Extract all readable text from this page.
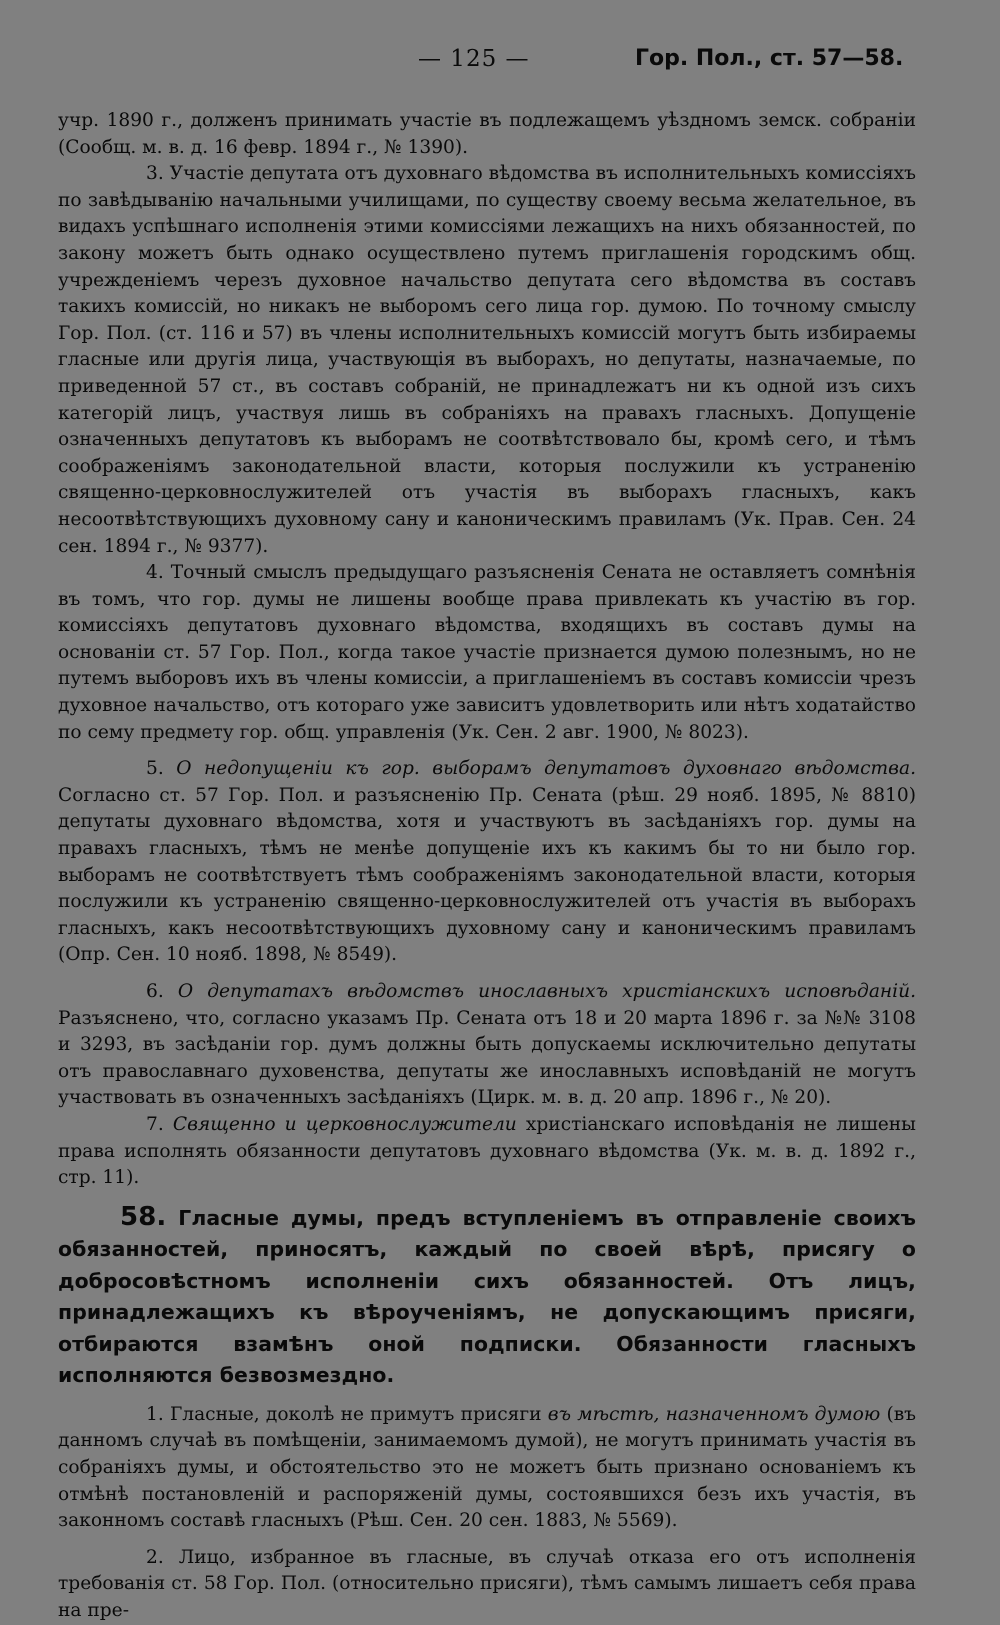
— 125 —	Гор. Пол., ст. 57—58.

учр. 1890 г., долженъ принимать участіе въ подлежащемъ уѣздномъ земск. собраніи (Сообщ. м. в. д. 16 февр. 1894 г., № 1390).

3. Участіе депутата отъ духовнаго вѣдомства въ исполнительныхъ комиссіяхъ по завѣдыванію начальными училищами, по существу своему весьма желательное, въ видахъ успѣшнаго исполненія этими комиссіями лежащихъ на нихъ обязанностей, по закону можетъ быть однако осуществлено путемъ приглашенія городскимъ общ. учрежденіемъ черезъ духовное начальство депутата сего вѣдомства въ составъ такихъ комиссій, но никакъ не выборомъ сего лица гор. думою. По точному смыслу Гор. Пол. (ст. 116 и 57) въ члены исполнительныхъ комиссій могутъ быть избираемы гласные или другія лица, участвующія въ выборахъ, но депутаты, назначаемые, по приведенной 57 ст., въ составъ собраній, не принадлежатъ ни къ одной изъ сихъ категорій лицъ, участвуя лишь въ собраніяхъ на правахъ гласныхъ. Допущеніе означенныхъ депутатовъ къ выборамъ не соотвѣтствовало бы, кромѣ сего, и тѣмъ соображеніямъ законодательной власти, которыя послужили къ устраненію священно-церковнослужителей отъ участія въ выборахъ гласныхъ, какъ несоотвѣтствующихъ духовному сану и каноническимъ правиламъ (Ук. Прав. Сен. 24 сен. 1894 г., № 9377).

4. Точный смыслъ предыдущаго разъясненія Сената не оставляетъ сомнѣнія въ томъ, что гор. думы не лишены вообще права привлекать къ участію въ гор. комиссіяхъ депутатовъ духовнаго вѣдомства, входящихъ въ составъ думы на основаніи ст. 57 Гор. Пол., когда такое участіе признается думою полезнымъ, но не путемъ выборовъ ихъ въ члены комиссіи, а приглашеніемъ въ составъ комиссіи чрезъ духовное начальство, отъ котораго уже зависитъ удовлетворить или нѣтъ ходатайство по сему предмету гор. общ. управленія (Ук. Сен. 2 авг. 1900, № 8023).

5. О недопущеніи къ гор. выборамъ депутатовъ духовнаго вѣдомства. Согласно ст. 57 Гор. Пол. и разъясненію Пр. Сената (рѣш. 29 нояб. 1895, № 8810) депутаты духовнаго вѣдомства, хотя и участвуютъ въ засѣданіяхъ гор. думы на правахъ гласныхъ, тѣмъ не менѣе допущеніе ихъ къ какимъ бы то ни было гор. выборамъ не соотвѣтствуетъ тѣмъ соображеніямъ законодательной власти, которыя послужили къ устраненію священно-церковнослужителей отъ участія въ выборахъ гласныхъ, какъ несоотвѣтствующихъ духовному сану и каноническимъ правиламъ (Опр. Сен. 10 нояб. 1898, № 8549).

6. О депутатахъ вѣдомствъ инославныхъ христіанскихъ исповѣданій. Разъяснено, что, согласно указамъ Пр. Сената отъ 18 и 20 марта 1896 г. за №№ 3108 и 3293, въ засѣданіи гор. думъ должны быть допускаемы исключительно депутаты отъ православнаго духовенства, депутаты же инославныхъ исповѣданій не могутъ участвовать въ означенныхъ засѣданіяхъ (Цирк. м. в. д. 20 апр. 1896 г., № 20).

7. Священно и церковнослужители христіанскаго исповѣданія не лишены права исполнять обязанности депутатовъ духовнаго вѣдомства (Ук. м. в. д. 1892 г., стр. 11).

58. Гласные думы, предъ вступленіемъ въ отправленіе своихъ обязанностей, приносятъ, каждый по своей вѣрѣ, присягу о добросовѣстномъ исполненіи сихъ обязанностей. Отъ лицъ, принадлежащихъ къ вѣроученіямъ, не допускающимъ присяги, отбираются взамѣнъ оной подписки. Обязанности гласныхъ исполняются безвозмездно.

1. Гласные, доколѣ не примутъ присяги въ мѣстѣ, назначенномъ думою (въ данномъ случаѣ въ помѣщеніи, занимаемомъ думой), не могутъ принимать участія въ собраніяхъ думы, и обстоятельство это не можетъ быть признано основаніемъ къ отмѣнѣ постановленій и распоряженій думы, состоявшихся безъ ихъ участія, въ законномъ составѣ гласныхъ (Рѣш. Сен. 20 сен. 1883, № 5569).

2. Лицо, избранное въ гласные, въ случаѣ отказа его отъ исполненія требованія ст. 58 Гор. Пол. (относительно присяги), тѣмъ самымъ лишаетъ себя права на пре-
